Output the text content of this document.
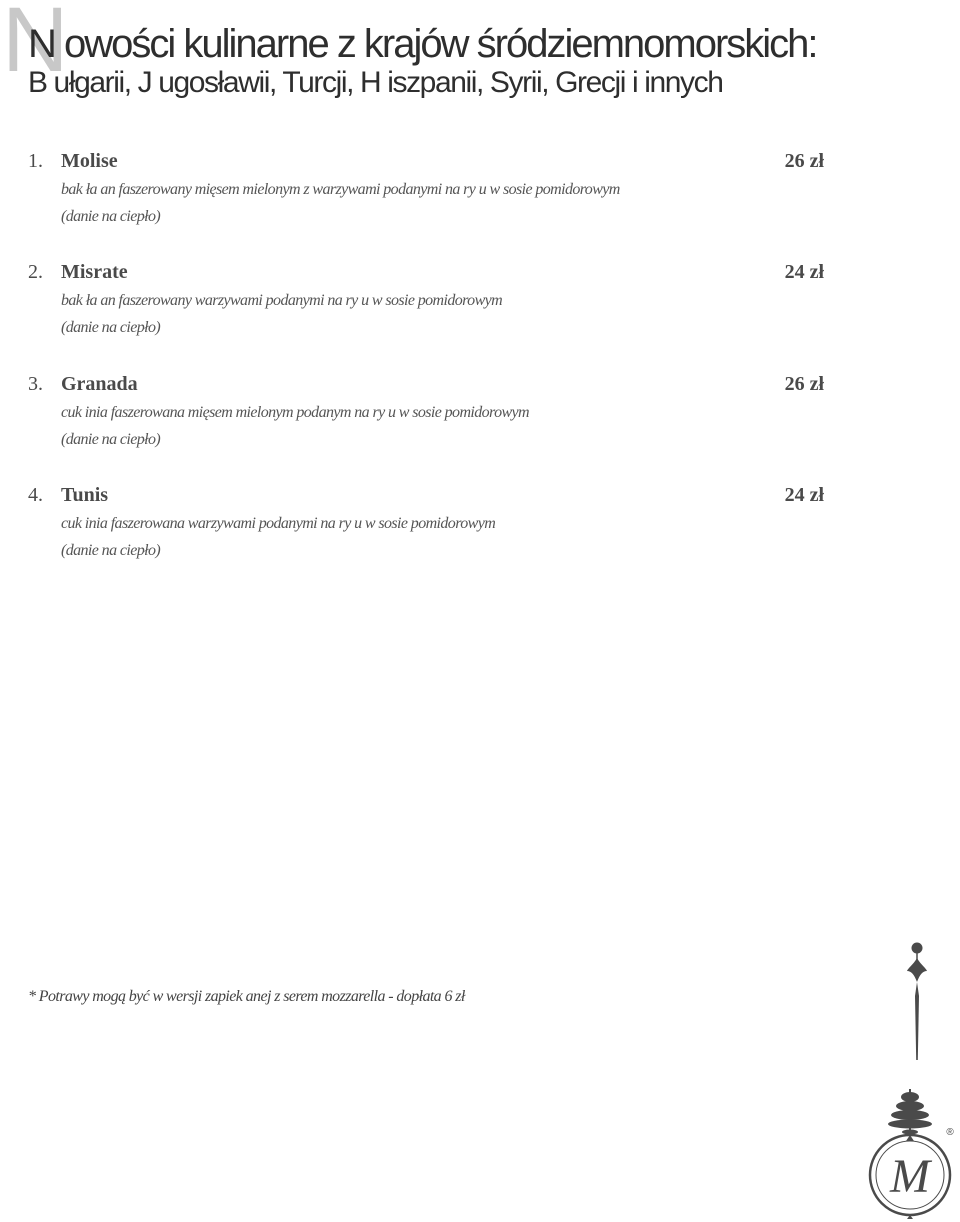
N
N owości kulinarne z krajów śródziemnomorskich:
B ułgarii, J ugosławii, Turcji, H iszpanii, Syrii, Grecji i innych
1. Molise	26 zł
bak ła an faszerowany mięsem mielonym z warzywami podanymi na ry u w sosie pomidorowym
(danie na ciepło)
2. Misrate	24 zł
bak ła an faszerowany warzywami podanymi na ry u w sosie pomidorowym
(danie na ciepło)
3. Granada	26 zł
cuk inia faszerowana mięsem mielonym podanym na ry u w sosie pomidorowym
(danie na ciepło)
4. Tunis	24 zł
cuk inia faszerowana warzywami podanymi na ry u w sosie pomidorowym
(danie na ciepło)
* Potrawy mogą być w wersji zapiek anej z serem mozzarella - dopłata 6 zł
M
®
